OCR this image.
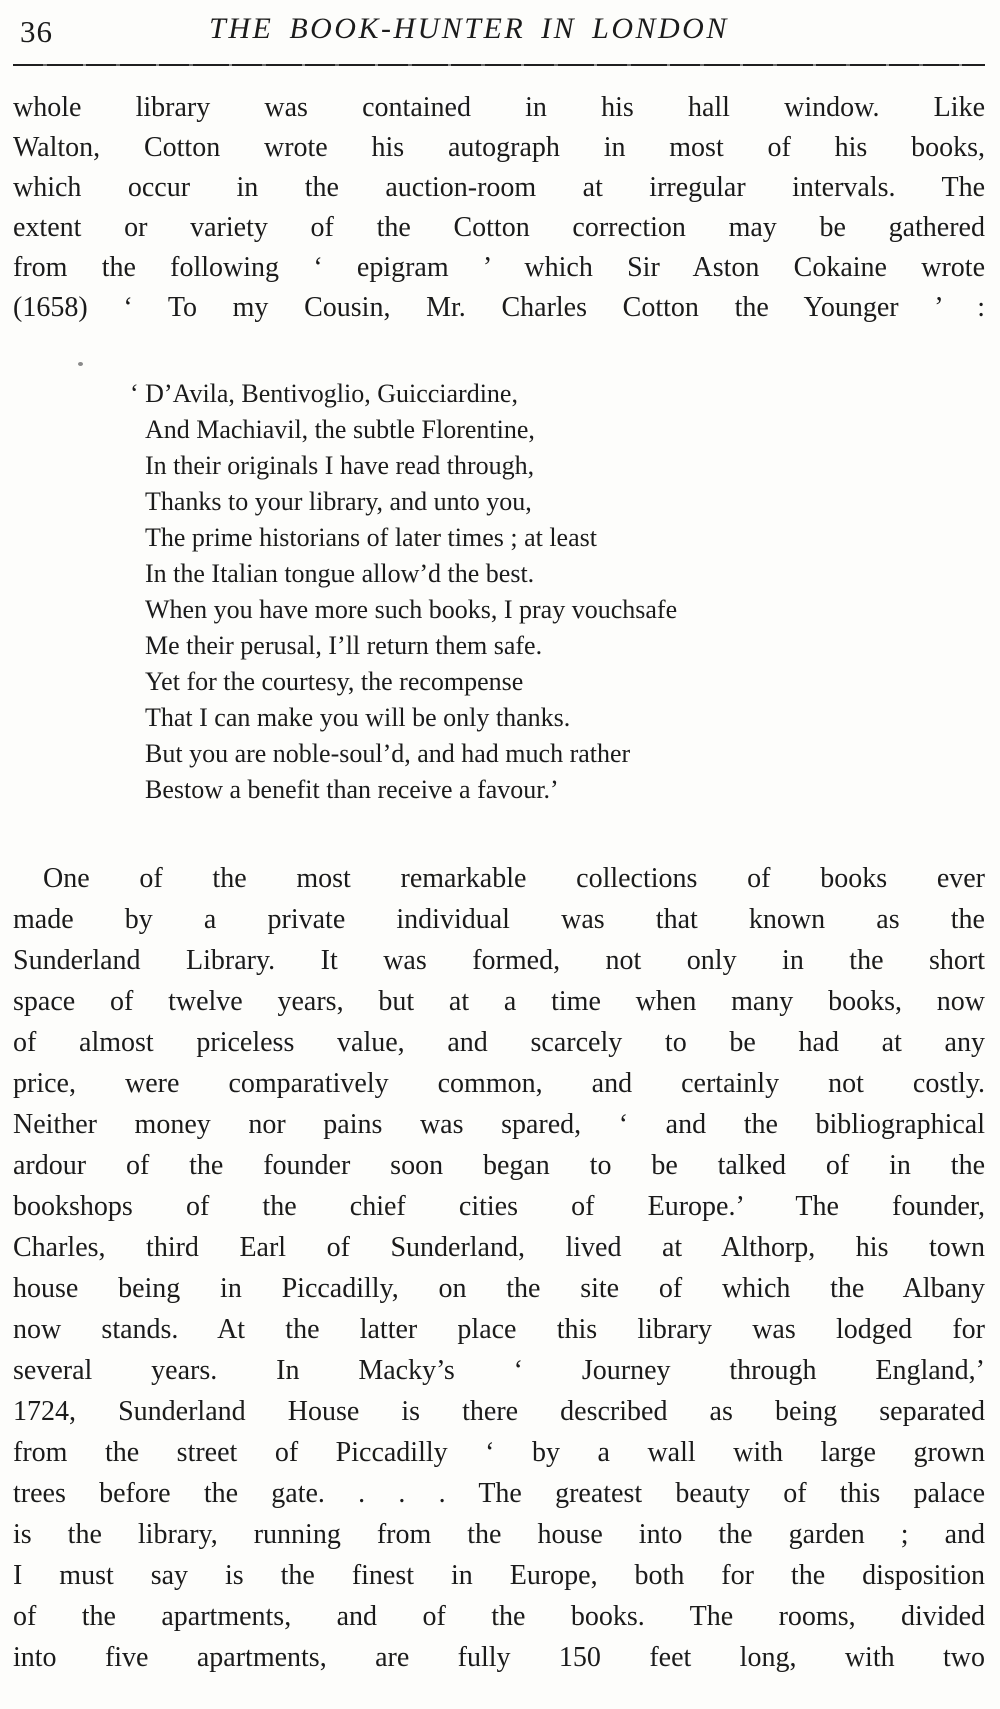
36	THE BOOK-HUNTER IN LONDON
whole library was contained in his hall window. Like
Walton, Cotton wrote his autograph in most of his books,
which occur in the auction-room at irregular intervals. The
extent or variety of the Cotton correction may be gathered
from the following ‘ epigram ’ which Sir Aston Cokaine wrote
(1658) ‘ To my Cousin, Mr. Charles Cotton the Younger ’ :
‘ D’Avila, Bentivoglio, Guicciardine,
And Machiavil, the subtle Florentine,
In their originals I have read through,
Thanks to your library, and unto you,
The prime historians of later times ; at least
In the Italian tongue allow’d the best.
When you have more such books, I pray vouchsafe
Me their perusal, I’ll return them safe.
Yet for the courtesy, the recompense
That I can make you will be only thanks.
But you are noble-soul’d, and had much rather
Bestow a benefit than receive a favour.’
One of the most remarkable collections of books ever
made by a private individual was that known as the
Sunderland Library. It was formed, not only in the short
space of twelve years, but at a time when many books, now
of almost priceless value, and scarcely to be had at any
price, were comparatively common, and certainly not costly.
Neither money nor pains was spared, ‘ and the bibliographical
ardour of the founder soon began to be talked of in the
bookshops of the chief cities of Europe.’ The founder,
Charles, third Earl of Sunderland, lived at Althorp, his town
house being in Piccadilly, on the site of which the Albany
now stands. At the latter place this library was lodged for
several years. In Macky’s ‘ Journey through England,’
1724, Sunderland House is there described as being separated
from the street of Piccadilly ‘ by a wall with large grown
trees before the gate. . . . The greatest beauty of this palace
is the library, running from the house into the garden ; and
I must say is the finest in Europe, both for the disposition
of the apartments, and of the books. The rooms, divided
into five apartments, are fully 150 feet long, with two
